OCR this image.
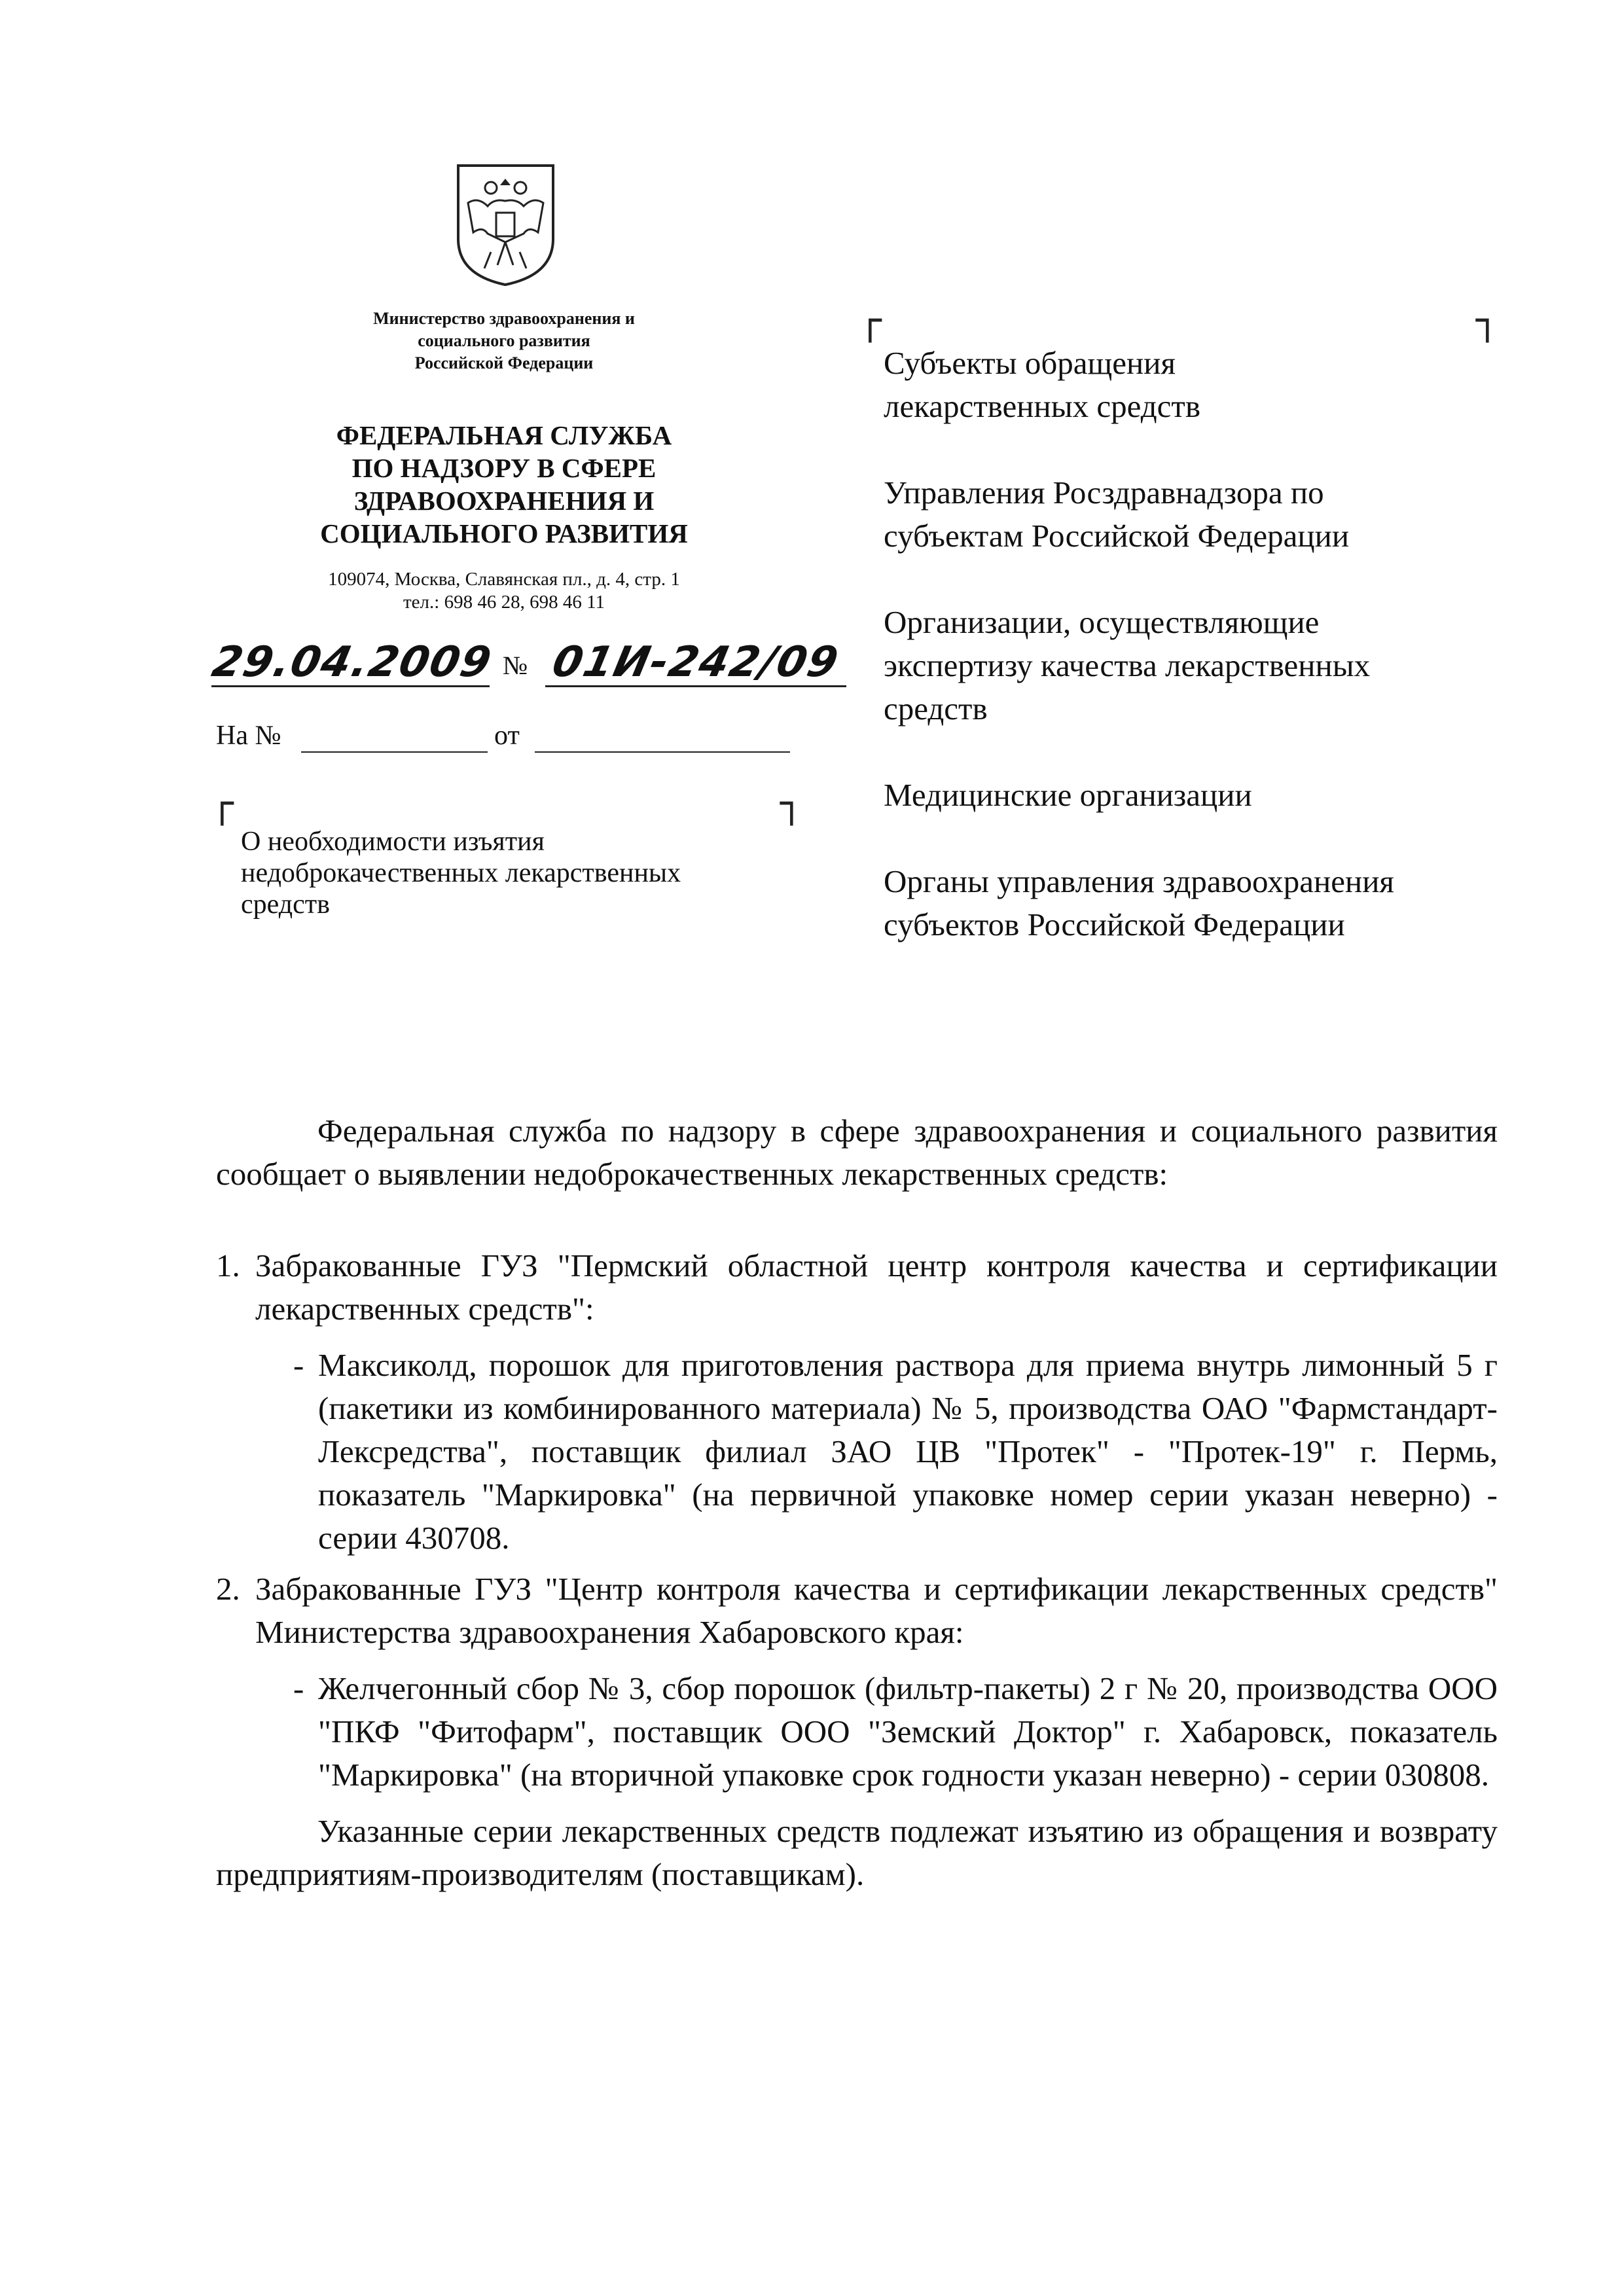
Министерство здравоохранения и
социального развития
Российской Федерации
ФЕДЕРАЛЬНАЯ СЛУЖБА
ПО НАДЗОРУ В СФЕРЕ
ЗДРАВООХРАНЕНИЯ И
СОЦИАЛЬНОГО РАЗВИТИЯ
109074, Москва, Славянская пл., д. 4, стр. 1
тел.: 698 46 28, 698 46 11
29.04.2009 № 01И-242/09
На №	от
┌	┐
┌	┐
О необходимости изъятия
недоброкачественных лекарственных
средств
Субъекты обращения
лекарственных средств
Управления Росздравнадзора по
субъектам Российской Федерации
Организации, осуществляющие
экспертизу качества лекарственных
средств
Медицинские организации
Органы управления здравоохранения
субъектов Российской Федерации

Федеральная служба по надзору в сфере здравоохранения и социального развития сообщает о выявлении недоброкачественных лекарственных средств:

1. Забракованные ГУЗ "Пермский областной центр контроля качества и сертификации лекарственных средств":
- Максиколд, порошок для приготовления раствора для приема внутрь лимонный 5 г (пакетики из комбинированного материала) № 5, производства ОАО "Фармстандарт-Лексредства", поставщик филиал ЗАО ЦВ "Протек" - "Протек-19" г. Пермь, показатель "Маркировка" (на первичной упаковке номер серии указан неверно) - серии 430708.
2. Забракованные ГУЗ "Центр контроля качества и сертификации лекарственных средств" Министерства здравоохранения Хабаровского края:
- Желчегонный сбор № 3, сбор порошок (фильтр-пакеты) 2 г № 20, производства ООО "ПКФ "Фитофарм", поставщик ООО "Земский Доктор" г. Хабаровск, показатель "Маркировка" (на вторичной упаковке срок годности указан неверно) - серии 030808.

Указанные серии лекарственных средств подлежат изъятию из обращения и возврату предприятиям-производителям (поставщикам).
